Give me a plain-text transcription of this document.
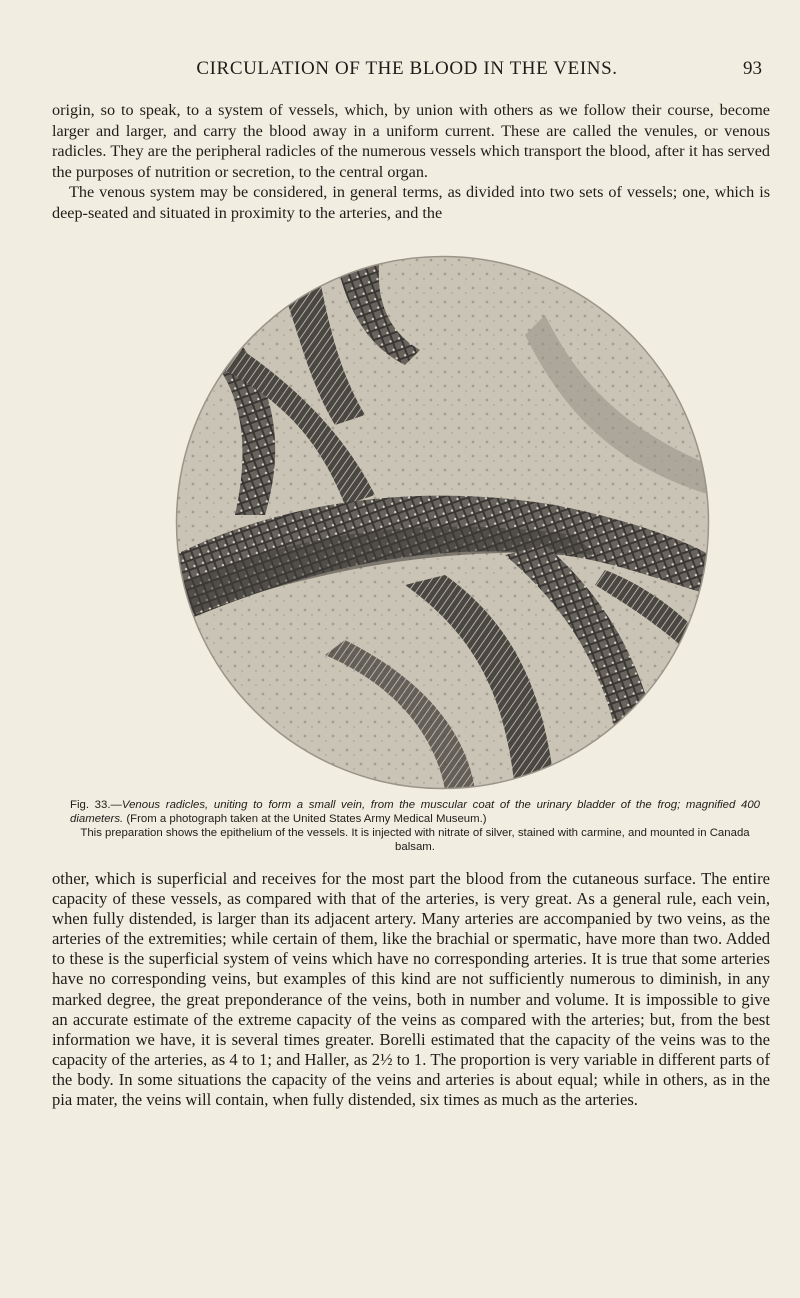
CIRCULATION OF THE BLOOD IN THE VEINS.	93

origin, so to speak, to a system of vessels, which, by union with others as we follow their course, become larger and larger, and carry the blood away in a uniform current. These are called the venules, or venous radicles. They are the peripheral radicles of the numerous vessels which transport the blood, after it has served the purposes of nutrition or secretion, to the central organ.

The venous system may be considered, in general terms, as divided into two sets of vessels; one, which is deep-seated and situated in proximity to the arteries, and the

Fig. 33.—Venous radicles, uniting to form a small vein, from the muscular coat of the urinary bladder of the frog; magnified 400 diameters. (From a photograph taken at the United States Army Medical Museum.)
This preparation shows the epithelium of the vessels. It is injected with nitrate of silver, stained with carmine, and mounted in Canada balsam.

other, which is superficial and receives for the most part the blood from the cutaneous surface. The entire capacity of these vessels, as compared with that of the arteries, is very great. As a general rule, each vein, when fully distended, is larger than its adjacent artery. Many arteries are accompanied by two veins, as the arteries of the extremities; while certain of them, like the brachial or spermatic, have more than two. Added to these is the superficial system of veins which have no corresponding arteries. It is true that some arteries have no corresponding veins, but examples of this kind are not sufficiently numerous to diminish, in any marked degree, the great preponderance of the veins, both in number and volume. It is impossible to give an accurate estimate of the extreme capacity of the veins as compared with the arteries; but, from the best information we have, it is several times greater. Borelli estimated that the capacity of the veins was to the capacity of the arteries, as 4 to 1; and Haller, as 2½ to 1. The proportion is very variable in different parts of the body. In some situations the capacity of the veins and arteries is about equal; while in others, as in the pia mater, the veins will contain, when fully distended, six times as much as the arteries.
